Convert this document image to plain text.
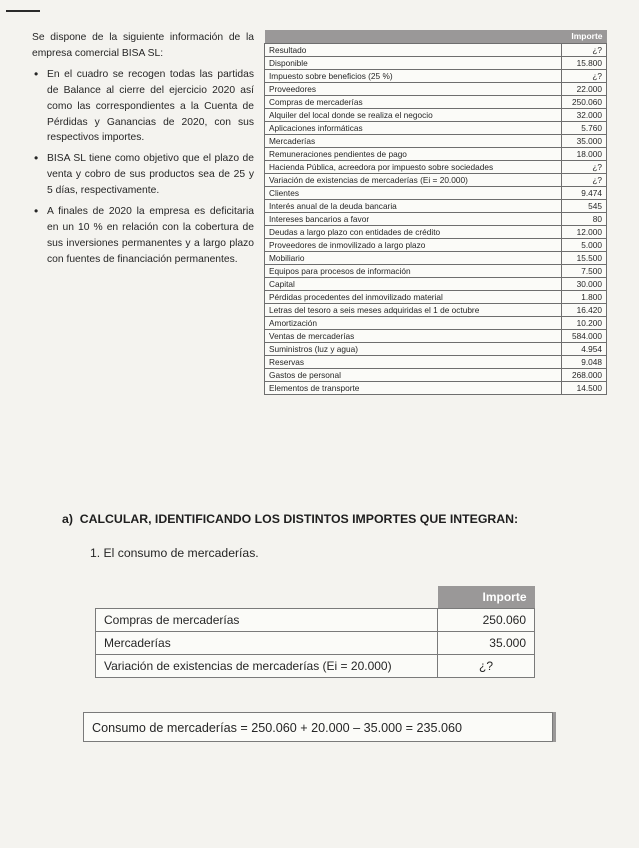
Se dispone de la siguiente información de la empresa comercial BISA SL:

• En el cuadro se recogen todas las partidas de Balance al cierre del ejercicio 2020 así como las correspondientes a la Cuenta de Pérdidas y Ganancias de 2020, con sus respectivos importes.
• BISA SL tiene como objetivo que el plazo de venta y cobro de sus productos sea de 25 y 5 días, respectivamente.
• A finales de 2020 la empresa es deficitaria en un 10 % en relación con la cobertura de sus inversiones permanentes y a largo plazo con fuentes de financiación permanentes.
	Importe
Resultado	¿?
Disponible	15.800
Impuesto sobre beneficios (25 %)	¿?
Proveedores	22.000
Compras de mercaderías	250.060
Alquiler del local donde se realiza el negocio	32.000
Aplicaciones informáticas	5.760
Mercaderías	35.000
Remuneraciones pendientes de pago	18.000
Hacienda Pública, acreedora por impuesto sobre sociedades	¿?
Variación de existencias de mercaderías (Ei = 20.000)	¿?
Clientes	9.474
Interés anual de la deuda bancaria	545
Intereses bancarios a favor	80
Deudas a largo plazo con entidades de crédito	12.000
Proveedores de inmovilizado a largo plazo	5.000
Mobiliario	15.500
Equipos para procesos de información	7.500
Capital	30.000
Pérdidas procedentes del inmovilizado material	1.800
Letras del tesoro a seis meses adquiridas el 1 de octubre	16.420
Amortización	10.200
Ventas de mercaderías	584.000
Suministros (luz y agua)	4.954
Reservas	9.048
Gastos de personal	268.000
Elementos de transporte	14.500
a) CALCULAR, IDENTIFICANDO LOS DISTINTOS IMPORTES QUE INTEGRAN:
1. El consumo de mercaderías.
	Importe
Compras de mercaderías	250.060
Mercaderías	35.000
Variación de existencias de mercaderías (Ei = 20.000)	¿?
Consumo de mercaderías = 250.060 + 20.000 – 35.000 = 235.060
